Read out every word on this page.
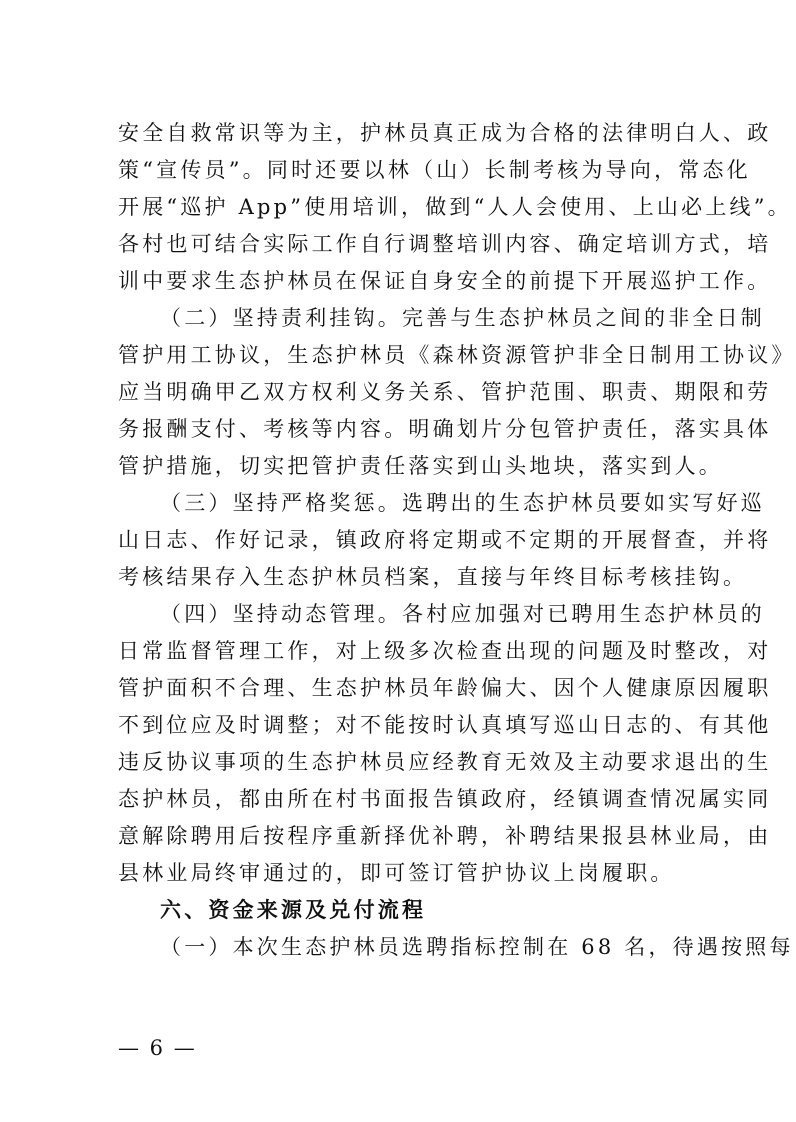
安全自救常识等为主，护林员真正成为合格的法律明白人、政
策“宣传员”。同时还要以林（山）长制考核为导向，常态化
开展“巡护 App”使用培训，做到“人人会使用、上山必上线”。
各村也可结合实际工作自行调整培训内容、确定培训方式，培
训中要求生态护林员在保证自身安全的前提下开展巡护工作。
（二）坚持责利挂钩。完善与生态护林员之间的非全日制
管护用工协议，生态护林员《森林资源管护非全日制用工协议》
应当明确甲乙双方权利义务关系、管护范围、职责、期限和劳
务报酬支付、考核等内容。明确划片分包管护责任，落实具体
管护措施，切实把管护责任落实到山头地块，落实到人。
（三）坚持严格奖惩。选聘出的生态护林员要如实写好巡
山日志、作好记录，镇政府将定期或不定期的开展督查，并将
考核结果存入生态护林员档案，直接与年终目标考核挂钩。
（四）坚持动态管理。各村应加强对已聘用生态护林员的
日常监督管理工作，对上级多次检查出现的问题及时整改，对
管护面积不合理、生态护林员年龄偏大、因个人健康原因履职
不到位应及时调整；对不能按时认真填写巡山日志的、有其他
违反协议事项的生态护林员应经教育无效及主动要求退出的生
态护林员，都由所在村书面报告镇政府，经镇调查情况属实同
意解除聘用后按程序重新择优补聘，补聘结果报县林业局，由
县林业局终审通过的，即可签订管护协议上岗履职。
六、资金来源及兑付流程
（一）本次生态护林员选聘指标控制在 68 名，待遇按照每
— 6 —
